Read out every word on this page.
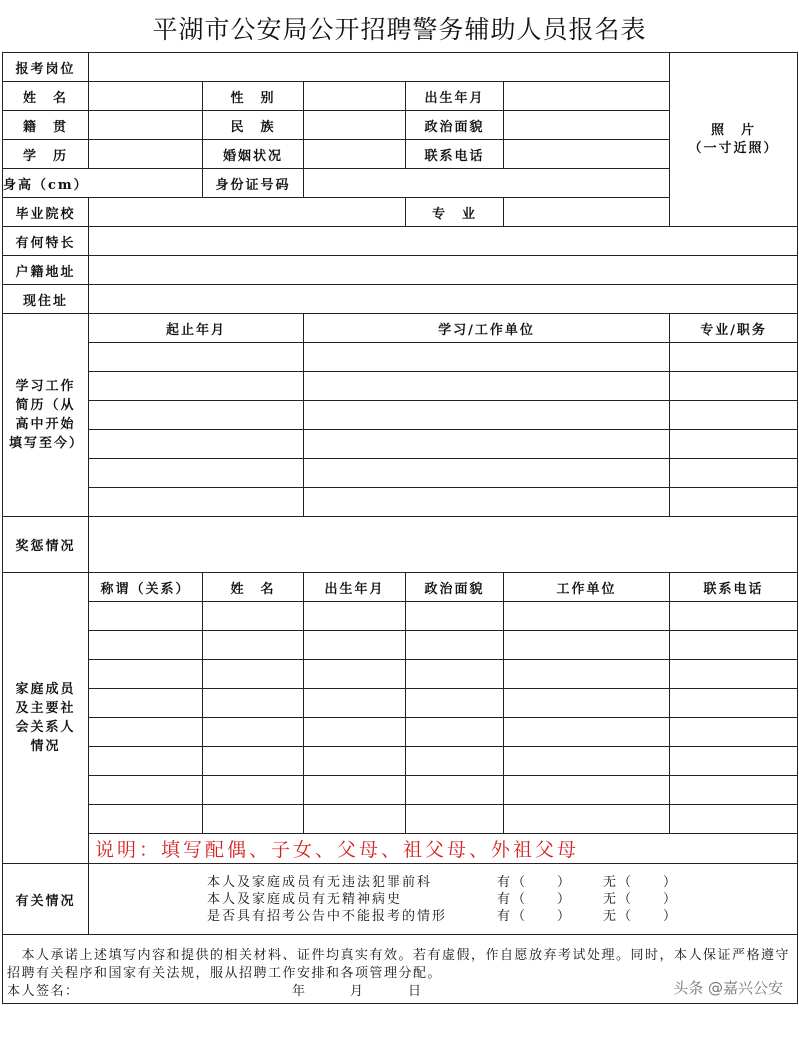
平湖市公安局公开招聘警务辅助人员报名表
报考岗位						照　片
（一寸近照）

姓　名		性　别		出生年月		
籍　贯		民　族		政治面貌		
学　历		婚姻状况		联系电话		
身高（cm）		身份证号码				
毕业院校				专　业		
有何特长						
户籍地址						
现住址						
学习工作简历（从高中开始填写至今）	起止年月		学习/工作单位			专业/职务

奖惩情况						
家庭成员及主要社会关系人情况	称谓（关系）	姓　名	出生年月	政治面貌	工作单位	联系电话

	说明：填写配偶、子女、父母、祖父母、外祖父母					
有关情况	本人及家庭成员有无违法犯罪前科 有（　　） 无（　　）
本人及家庭成员有无精神病史 有（　　） 无（　　）
是否具有招考公告中不能报考的情形 有（　　） 无（　　）					

　本人承诺上述填写内容和提供的相关材料、证件均真实有效。若有虚假，作自愿放弃考试处理。同时，本人保证严格遵守招聘有关程序和国家有关法规，服从招聘工作安排和各项管理分配。
本人签名： 年　　　月　　　日 头条 @嘉兴公安						
